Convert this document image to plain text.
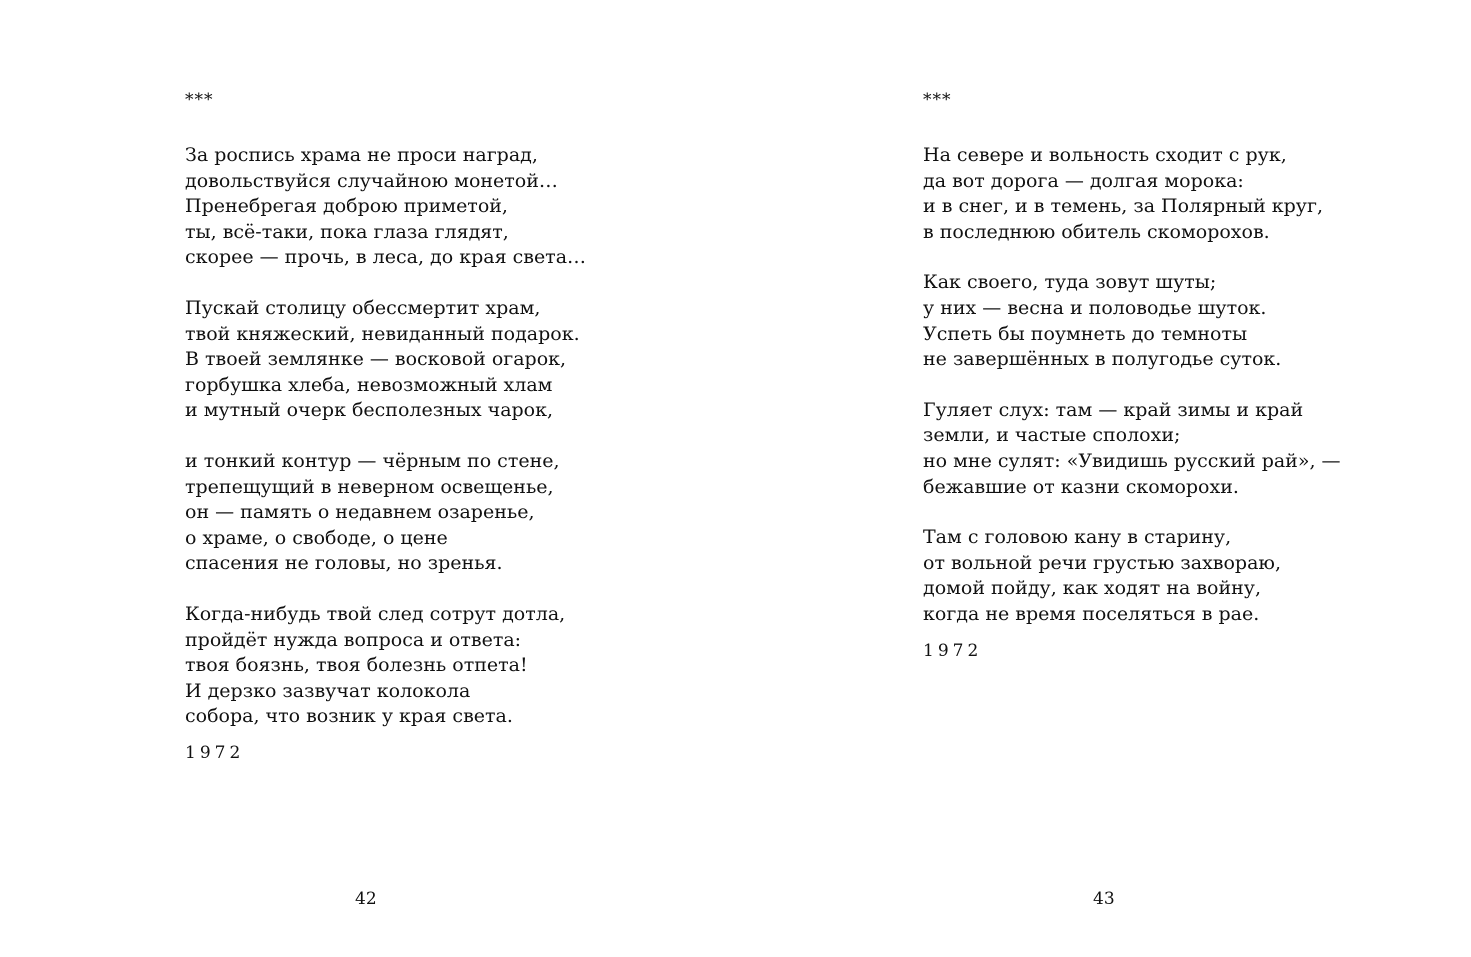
***

За роспись храма не проси наград,
довольствуйся случайною монетой…
Пренебрегая доброю приметой,
ты, всё-таки, пока глаза глядят,
скорее — прочь, в леса, до края света…

Пускай столицу обессмертит храм,
твой княжеский, невиданный подарок.
В твоей землянке — восковой огарок,
горбушка хлеба, невозможный хлам
и мутный очерк бесполезных чарок,

и тонкий контур — чёрным по стене,
трепещущий в неверном освещенье,
он — память о недавнем озаренье,
о храме, о свободе, о цене
спасения не головы, но зренья.

Когда-нибудь твой след сотрут дотла,
пройдёт нужда вопроса и ответа:
твоя боязнь, твоя болезнь отпета!
И дерзко зазвучат колокола
собора, что возник у края света.

1972
42
***

На севере и вольность сходит с рук,
да вот дорога — долгая морока:
и в снег, и в темень, за Полярный круг,
в последнюю обитель скоморохов.

Как своего, туда зовут шуты;
у них — весна и половодье шуток.
Успеть бы поумнеть до темноты
не завершённых в полугодье суток.

Гуляет слух: там — край зимы и край
земли, и частые сполохи;
но мне сулят: «Увидишь русский рай», —
бежавшие от казни скоморохи.

Там с головою кану в старину,
от вольной речи грустью захвораю,
домой пойду, как ходят на войну,
когда не время поселяться в рае.

1972
43
